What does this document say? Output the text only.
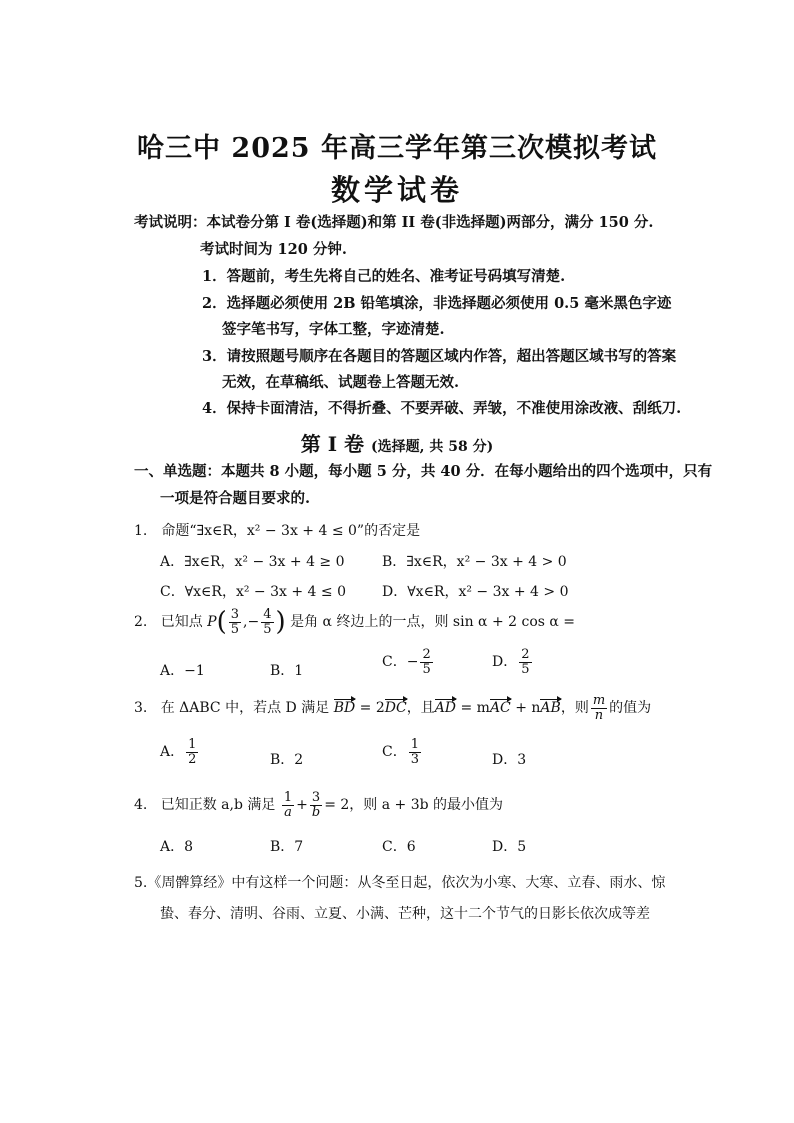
哈三中 2025 年高三学年第三次模拟考试
数学试卷
考试说明：本试卷分第 I 卷(选择题)和第 II 卷(非选择题)两部分，满分 150 分.
考试时间为 120 分钟.
1．答题前，考生先将自己的姓名、准考证号码填写清楚.
2．选择题必须使用 2B 铅笔填涂，非选择题必须使用 0.5 毫米黑色字迹
签字笔书写，字体工整，字迹清楚.
3．请按照题号顺序在各题目的答题区域内作答，超出答题区域书写的答案
无效，在草稿纸、试题卷上答题无效.
4．保持卡面清洁，不得折叠、不要弄破、弄皱，不准使用涂改液、刮纸刀.
第 I 卷 (选择题, 共 58 分)
一、单选题：本题共 8 小题，每小题 5 分，共 40 分．在每小题给出的四个选项中，只有
一项是符合题目要求的.
1.　命题“∃x∈R，x² − 3x + 4 ≤ 0”的否定是
A．∃x∈R，x² − 3x + 4 ≥ 0	B．∃x∈R，x² − 3x + 4 > 0
C．∀x∈R，x² − 3x + 4 ≤ 0	D．∀x∈R，x² − 3x + 4 > 0
2. 已知点 $P( \frac{3}{5}$ ,− $\frac{4}{5}$ ) 是角 α 终边上的一点，则 sin α + 2 cos α =
A．−1	B．1
C．− $\frac{2}{5}$	D． $\frac{2}{5}$
3. 在 ΔABC 中，若点 D 满足 BD = 2DC，且AD = mAC + nAB，则 $\frac{m}{n}$ 的值为
A． $\frac{1}{2}$	B．2	C． $\frac{1}{3}$	D．3
4. 已知正数 a,b 满足 $\frac{1}{a} + \frac{3}{b} = 2$，则 a + 3b 的最小值为
A．8	B．7	C．6	D．5
5.《周髀算经》中有这样一个问题：从冬至日起，依次为小寒、大寒、立春、雨水、惊
蛰、春分、清明、谷雨、立夏、小满、芒种，这十二个节气的日影长依次成等差
